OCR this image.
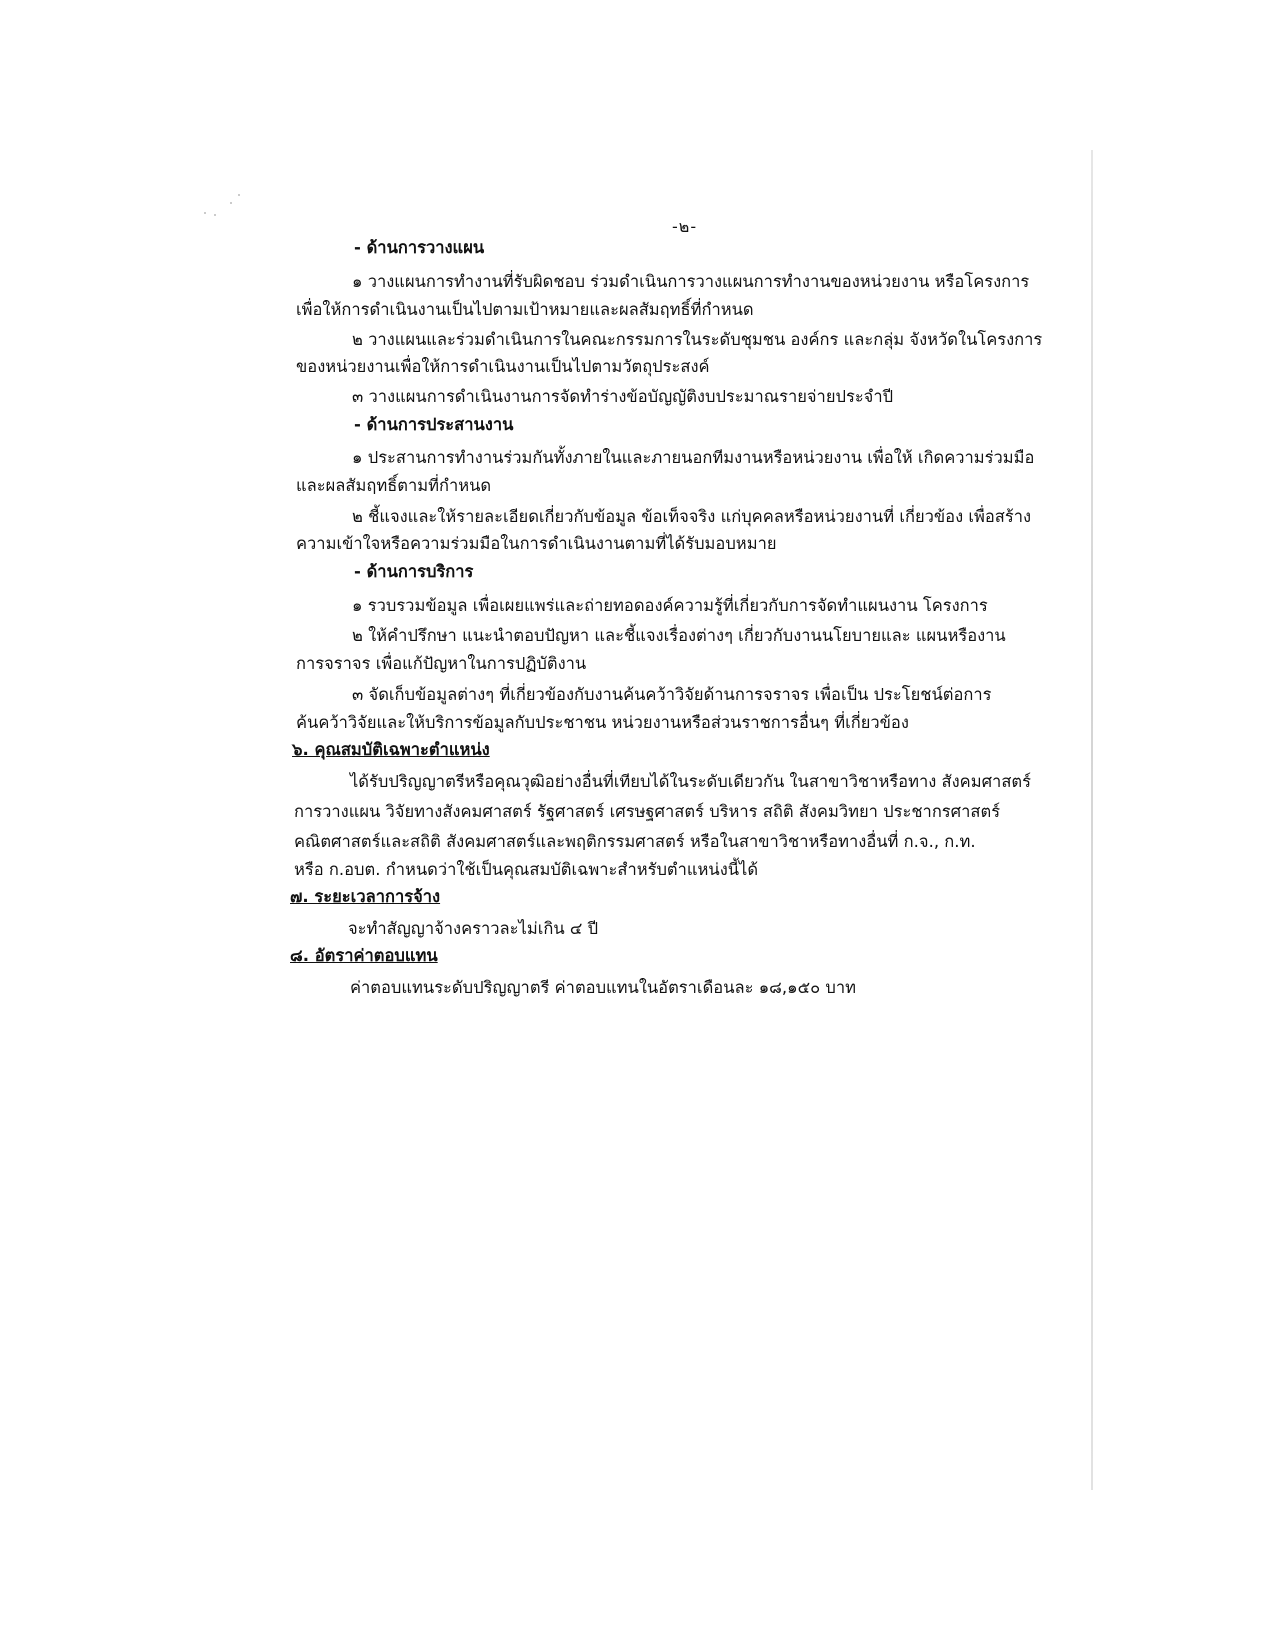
-๒-
- ด้านการวางแผน
๑ วางแผนการทำงานที่รับผิดชอบ ร่วมดำเนินการวางแผนการทำงานของหน่วยงาน หรือโครงการ
เพื่อให้การดำเนินงานเป็นไปตามเป้าหมายและผลสัมฤทธิ์ที่กำหนด
๒ วางแผนและร่วมดำเนินการในคณะกรรมการในระดับชุมชน องค์กร และกลุ่ม จังหวัดในโครงการ
ของหน่วยงานเพื่อให้การดำเนินงานเป็นไปตามวัตถุประสงค์
๓ วางแผนการดำเนินงานการจัดทำร่างข้อบัญญัติงบประมาณรายจ่ายประจำปี
- ด้านการประสานงาน
๑ ประสานการทำงานร่วมกันทั้งภายในและภายนอกทีมงานหรือหน่วยงาน เพื่อให้ เกิดความร่วมมือ
และผลสัมฤทธิ์ตามที่กำหนด
๒ ชี้แจงและให้รายละเอียดเกี่ยวกับข้อมูล ข้อเท็จจริง แก่บุคคลหรือหน่วยงานที่ เกี่ยวข้อง เพื่อสร้าง
ความเข้าใจหรือความร่วมมือในการดำเนินงานตามที่ได้รับมอบหมาย
- ด้านการบริการ
๑ รวบรวมข้อมูล เพื่อเผยแพร่และถ่ายทอดองค์ความรู้ที่เกี่ยวกับการจัดทำแผนงาน โครงการ
๒ ให้คำปรึกษา แนะนำตอบปัญหา และชี้แจงเรื่องต่างๆ เกี่ยวกับงานนโยบายและ แผนหรืองาน
การจราจร เพื่อแก้ปัญหาในการปฏิบัติงาน
๓ จัดเก็บข้อมูลต่างๆ ที่เกี่ยวข้องกับงานค้นคว้าวิจัยด้านการจราจร เพื่อเป็น ประโยชน์ต่อการ
ค้นคว้าวิจัยและให้บริการข้อมูลกับประชาชน หน่วยงานหรือส่วนราชการอื่นๆ ที่เกี่ยวข้อง
๖. คุณสมบัติเฉพาะตำแหน่ง
ได้รับปริญญาตรีหรือคุณวุฒิอย่างอื่นที่เทียบได้ในระดับเดียวกัน ในสาขาวิชาหรือทาง สังคมศาสตร์
การวางแผน วิจัยทางสังคมศาสตร์ รัฐศาสตร์ เศรษฐศาสตร์ บริหาร สถิติ สังคมวิทยา ประชากรศาสตร์
คณิตศาสตร์และสถิติ สังคมศาสตร์และพฤติกรรมศาสตร์ หรือในสาขาวิชาหรือทางอื่นที่ ก.จ., ก.ท.
หรือ ก.อบต. กำหนดว่าใช้เป็นคุณสมบัติเฉพาะสำหรับตำแหน่งนี้ได้
๗. ระยะเวลาการจ้าง
จะทำสัญญาจ้างคราวละไม่เกิน ๔ ปี
๘. อัตราค่าตอบแทน
ค่าตอบแทนระดับปริญญาตรี ค่าตอบแทนในอัตราเดือนละ ๑๘,๑๕๐ บาท
